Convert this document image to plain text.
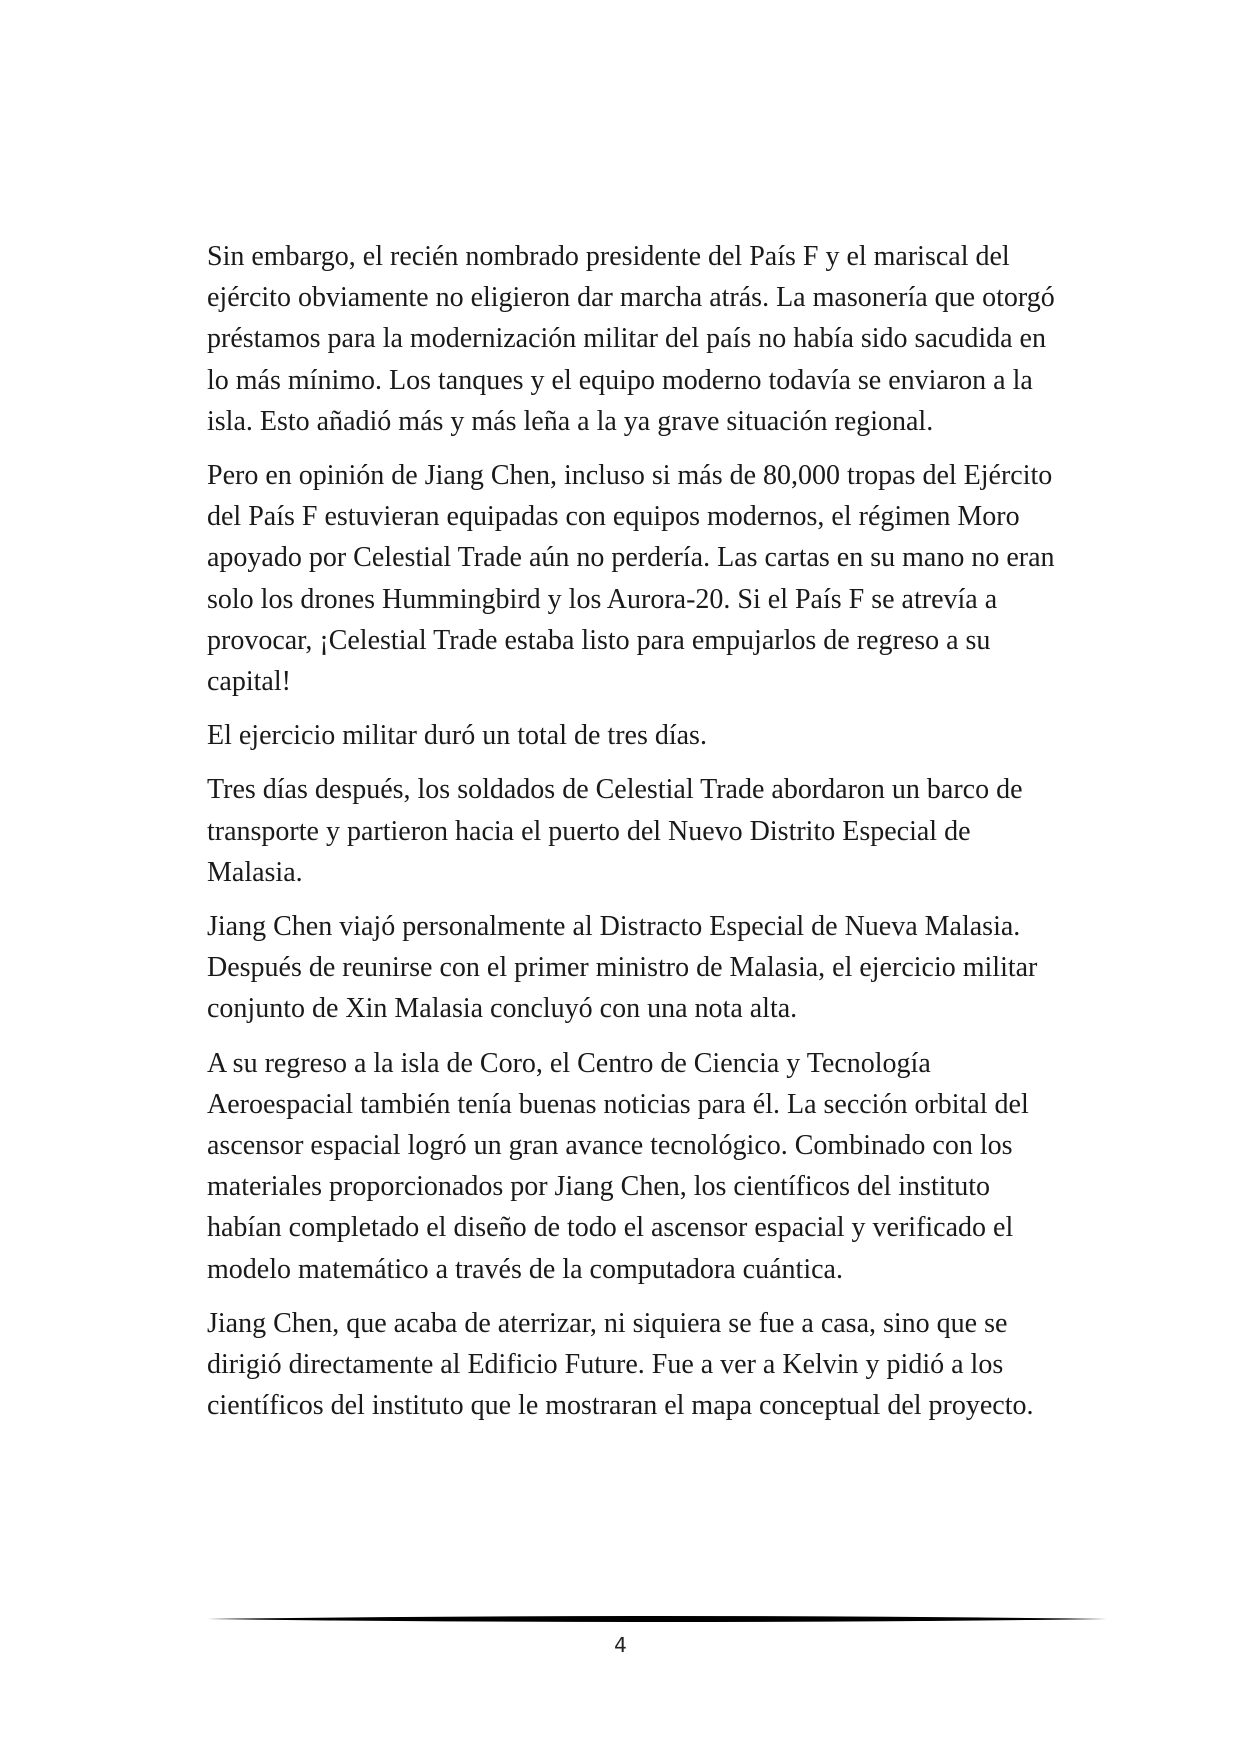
Sin embargo, el recién nombrado presidente del País F y el mariscal del ejército obviamente no eligieron dar marcha atrás. La masonería que otorgó préstamos para la modernización militar del país no había sido sacudida en lo más mínimo. Los tanques y el equipo moderno todavía se enviaron a la isla. Esto añadió más y más leña a la ya grave situación regional.

Pero en opinión de Jiang Chen, incluso si más de 80,000 tropas del Ejército del País F estuvieran equipadas con equipos modernos, el régimen Moro apoyado por Celestial Trade aún no perdería. Las cartas en su mano no eran solo los drones Hummingbird y los Aurora-20. Si el País F se atrevía a provocar, ¡Celestial Trade estaba listo para empujarlos de regreso a su capital!

El ejercicio militar duró un total de tres días.

Tres días después, los soldados de Celestial Trade abordaron un barco de transporte y partieron hacia el puerto del Nuevo Distrito Especial de Malasia.

Jiang Chen viajó personalmente al Distracto Especial de Nueva Malasia. Después de reunirse con el primer ministro de Malasia, el ejercicio militar conjunto de Xin Malasia concluyó con una nota alta.

A su regreso a la isla de Coro, el Centro de Ciencia y Tecnología Aeroespacial también tenía buenas noticias para él. La sección orbital del ascensor espacial logró un gran avance tecnológico. Combinado con los materiales proporcionados por Jiang Chen, los científicos del instituto habían completado el diseño de todo el ascensor espacial y verificado el modelo matemático a través de la computadora cuántica.

Jiang Chen, que acaba de aterrizar, ni siquiera se fue a casa, sino que se dirigió directamente al Edificio Future. Fue a ver a Kelvin y pidió a los científicos del instituto que le mostraran el mapa conceptual del proyecto.

4
